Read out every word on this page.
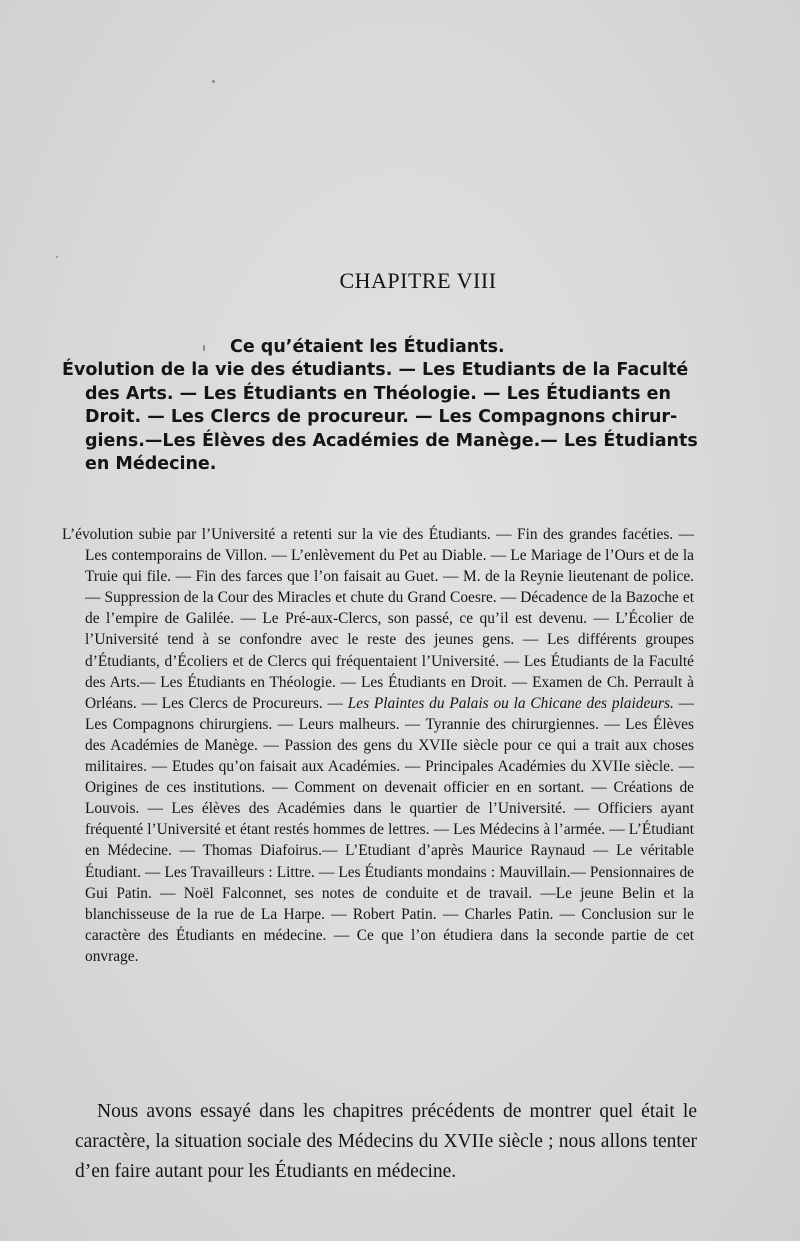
CHAPITRE VIII
Ce qu’étaient les Étudiants.
Évolution de la vie des étudiants. — Les Etudiants de la Faculté
des Arts. — Les Étudiants en Théologie. — Les Étudiants en
Droit. — Les Clercs de procureur. — Les Compagnons chirur-
giens.—Les Élèves des Académies de Manège.— Les Étudiants
en Médecine.

L’évolution subie par l’Université a retenti sur la vie des Étudiants. — Fin des grandes facéties. — Les contemporains de Villon. — L’enlèvement du Pet au Diable. — Le Mariage de l’Ours et de la Truie qui file. — Fin des farces que l’on faisait au Guet. — M. de la Reynie lieutenant de police. — Suppression de la Cour des Miracles et chute du Grand Coesre. — Décadence de la Bazoche et de l’empire de Galilée. — Le Pré-aux-Clercs, son passé, ce qu’il est devenu. — L’Écolier de l’Université tend à se confondre avec le reste des jeunes gens. — Les différents groupes d’Étudiants, d’Écoliers et de Clercs qui fréquentaient l’Université. — Les Étudiants de la Faculté des Arts.— Les Étudiants en Théologie. — Les Étudiants en Droit. — Examen de Ch. Perrault à Orléans. — Les Clercs de Procureurs. — Les Plaintes du Palais ou la Chicane des plaideurs. — Les Compagnons chirurgiens. — Leurs malheurs. — Tyrannie des chirurgiennes. — Les Élèves des Académies de Manège. — Passion des gens du XVIIe siècle pour ce qui a trait aux choses militaires. — Etudes qu’on faisait aux Académies. — Principales Académies du XVIIe siècle. — Origines de ces institutions. — Comment on devenait officier en en sortant. — Créations de Louvois. — Les élèves des Académies dans le quartier de l’Université. — Officiers ayant fréquenté l’Université et étant restés hommes de lettres. — Les Médecins à l’armée. — L’Étudiant en Médecine. — Thomas Diafoirus.— L’Etudiant d’après Maurice Raynaud — Le véritable Étudiant. — Les Travailleurs : Littre. — Les Étudiants mondains : Mauvillain.— Pensionnaires de Gui Patin. — Noël Falconnet, ses notes de conduite et de travail. —Le jeune Belin et la blanchisseuse de la rue de La Harpe. — Robert Patin. — Charles Patin. — Conclusion sur le caractère des Étudiants en médecine. — Ce que l’on étudiera dans la seconde partie de cet onvrage.

Nous avons essayé dans les chapitres précédents de montrer quel était le caractère, la situation sociale des Médecins du XVIIe siècle ; nous allons tenter d’en faire autant pour les Étudiants en médecine.
